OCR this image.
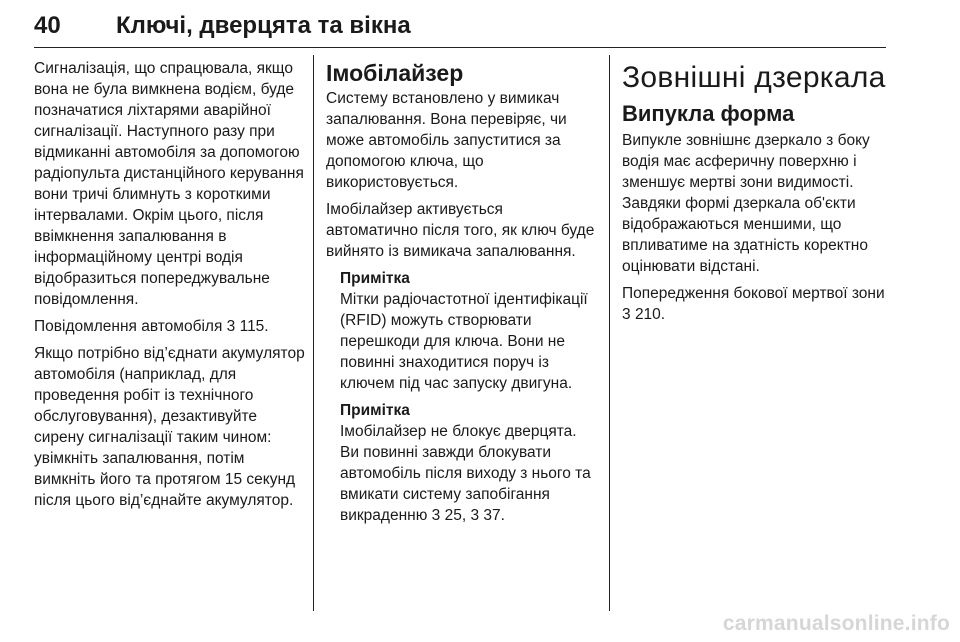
40 Ключі, дверцята та вікна

Сигналізація, що спрацювала, якщо вона не була вимкнена водієм, буде позначатися ліхтарями аварійної сигналізації. Наступного разу при відмиканні автомобіля за допомогою радіопульта дистанційного керування вони тричі блимнуть з короткими інтервалами. Окрім цього, після ввімкнення запалювання в інформаційному центрі водія відобразиться попереджувальне повідомлення.

Повідомлення автомобіля 3 115.

Якщо потрібно від’єднати акумулятор автомобіля (наприклад, для проведення робіт із технічного обслуговування), дезактивуйте сирену сигналізації таким чином: увімкніть запалювання, потім вимкніть його та протягом 15 секунд після цього від’єднайте акумулятор.

Імобілайзер

Систему встановлено у вимикач запалювання. Вона перевіряє, чи може автомобіль запуститися за допомогою ключа, що використовується.

Імобілайзер активується автоматично після того, як ключ буде вийнято із вимикача запалювання.

Примітка

Мітки радіочастотної ідентифікації (RFID) можуть створювати перешкоди для ключа. Вони не повинні знаходитися поруч із ключем під час запуску двигуна.

Примітка

Імобілайзер не блокує дверцята. Ви повинні завжди блокувати автомобіль після виходу з нього та вмикати систему запобігання викраденню 3 25, 3 37.

Зовнішні дзеркала
Випукла форма

Випукле зовнішнє дзеркало з боку водія має асферичну поверхню і зменшує мертві зони видимості. Завдяки формі дзеркала об'єкти відображаються меншими, що впливатиме на здатність коректно оцінювати відстані.

Попередження бокової мертвої зони 3 210.

carmanualsonline.info
